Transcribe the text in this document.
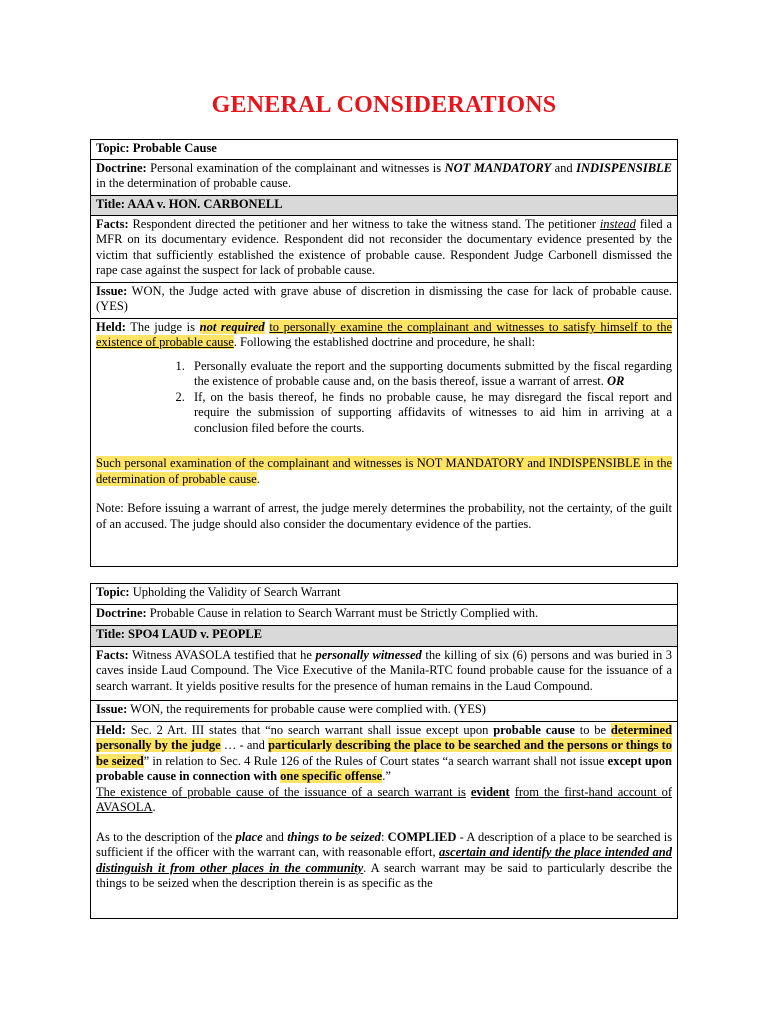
GENERAL CONSIDERATIONS
Topic: Probable Cause
Doctrine: Personal examination of the complainant and witnesses is NOT MANDATORY and INDISPENSIBLE in the determination of probable cause.
Title: AAA v. HON. CARBONELL
Facts: Respondent directed the petitioner and her witness to take the witness stand. The petitioner instead filed a MFR on its documentary evidence. Respondent did not reconsider the documentary evidence presented by the victim that sufficiently established the existence of probable cause. Respondent Judge Carbonell dismissed the rape case against the suspect for lack of probable cause.
Issue: WON, the Judge acted with grave abuse of discretion in dismissing the case for lack of probable cause. (YES)

Held: The judge is not required to personally examine the complainant and witnesses to satisfy himself to the existence of probable cause. Following the established doctrine and procedure, he shall:
1. Personally evaluate the report and the supporting documents submitted by the fiscal regarding the existence of probable cause and, on the basis thereof, issue a warrant of arrest. OR
2. If, on the basis thereof, he finds no probable cause, he may disregard the fiscal report and require the submission of supporting affidavits of witnesses to aid him in arriving at a conclusion filed before the courts.
Such personal examination of the complainant and witnesses is NOT MANDATORY and INDISPENSIBLE in the determination of probable cause.
Note: Before issuing a warrant of arrest, the judge merely determines the probability, not the certainty, of the guilt of an accused. The judge should also consider the documentary evidence of the parties.
Topic: Upholding the Validity of Search Warrant
Doctrine: Probable Cause in relation to Search Warrant must be Strictly Complied with.
Title: SPO4 LAUD v. PEOPLE
Facts: Witness AVASOLA testified that he personally witnessed the killing of six (6) persons and was buried in 3 caves inside Laud Compound. The Vice Executive of the Manila-RTC found probable cause for the issuance of a search warrant. It yields positive results for the presence of human remains in the Laud Compound.
Issue: WON, the requirements for probable cause were complied with. (YES)

Held: Sec. 2 Art. III states that “no search warrant shall issue except upon probable cause to be determined personally by the judge … - and particularly describing the place to be searched and the persons or things to be seized” in relation to Sec. 4 Rule 126 of the Rules of Court states “a search warrant shall not issue except upon probable cause in connection with one specific offense.”
The existence of probable cause of the issuance of a search warrant is evident from the first-hand account of AVASOLA.
As to the description of the place and things to be seized: COMPLIED - A description of a place to be searched is sufficient if the officer with the warrant can, with reasonable effort, ascertain and identify the place intended and distinguish it from other places in the community. A search warrant may be said to particularly describe the things to be seized when the description therein is as specific as the
